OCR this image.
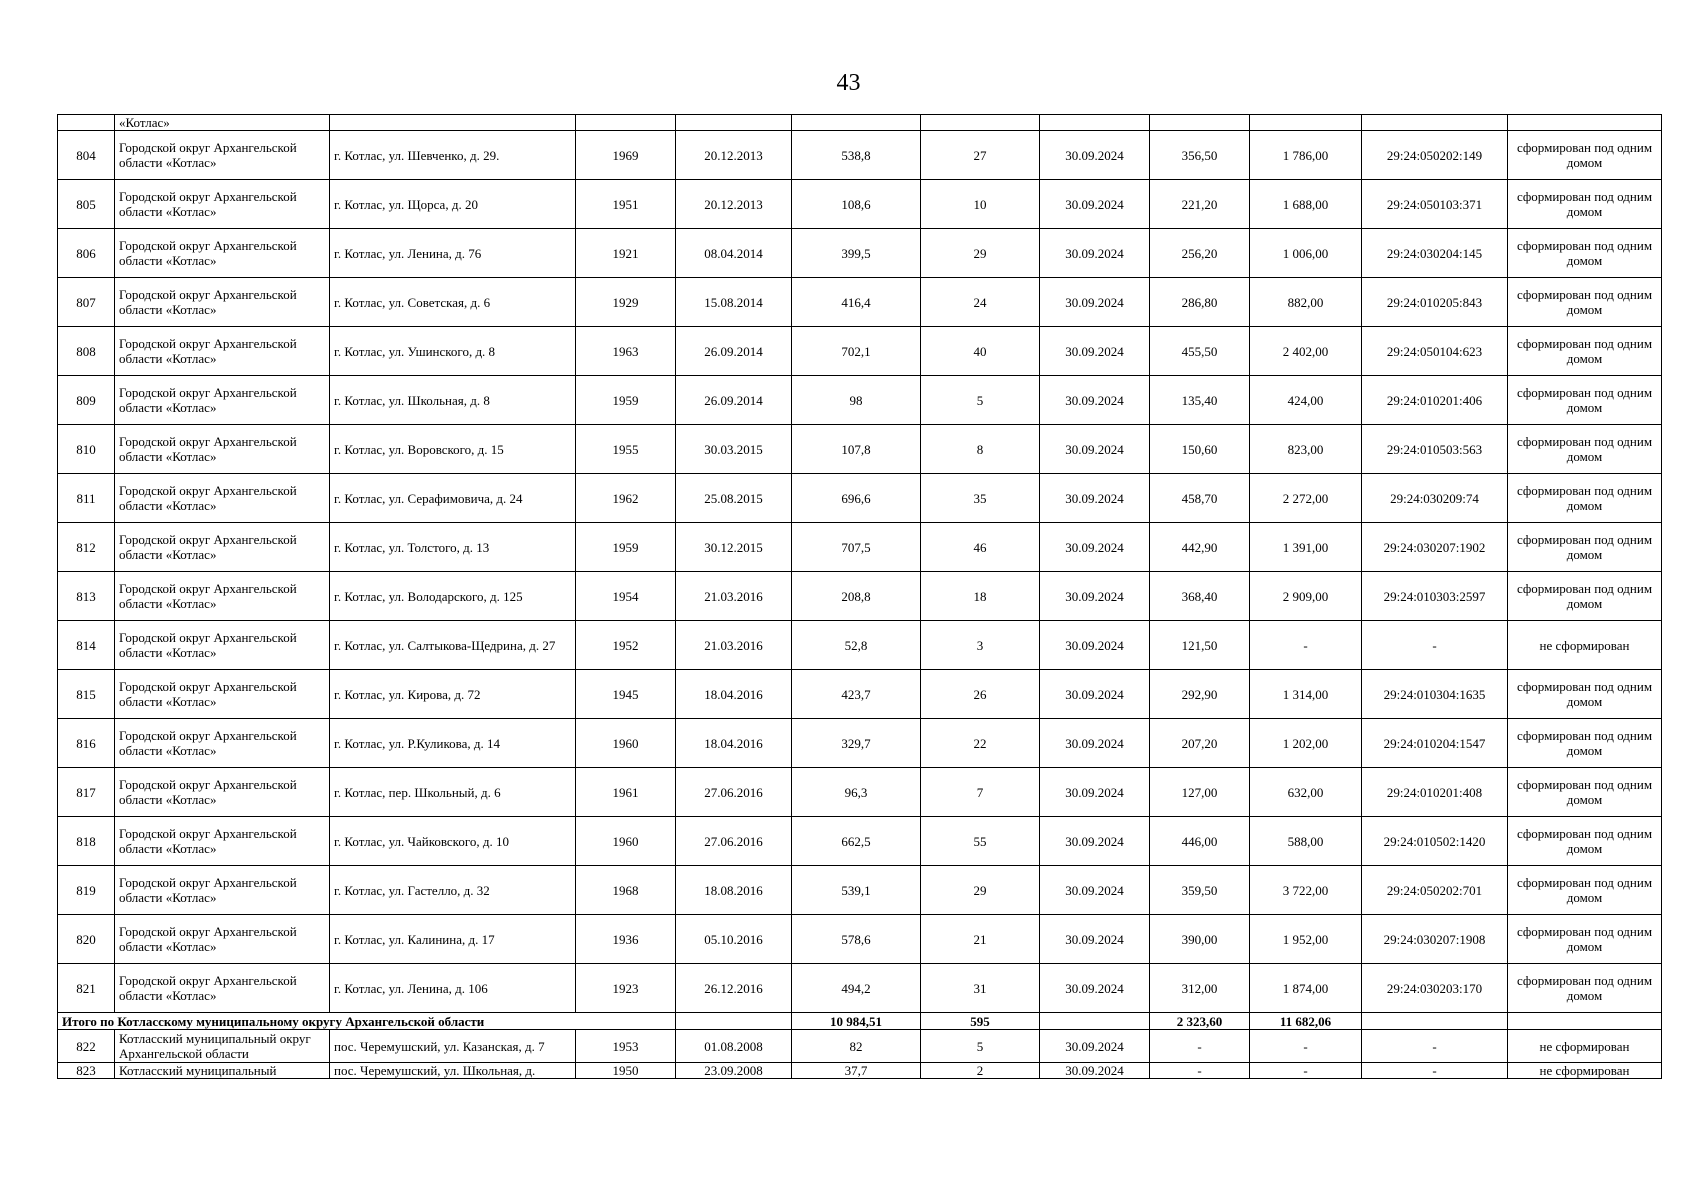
43
	«Котлас»										
804	Городской округ Архангельской области «Котлас»	г. Котлас, ул. Шевченко, д. 29.	1969	20.12.2013	538,8	27	30.09.2024	356,50	1 786,00	29:24:050202:149	сформирован под одним домом
805	Городской округ Архангельской области «Котлас»	г. Котлас, ул. Щорса, д. 20	1951	20.12.2013	108,6	10	30.09.2024	221,20	1 688,00	29:24:050103:371	сформирован под одним домом
806	Городской округ Архангельской области «Котлас»	г. Котлас, ул. Ленина, д. 76	1921	08.04.2014	399,5	29	30.09.2024	256,20	1 006,00	29:24:030204:145	сформирован под одним домом
807	Городской округ Архангельской области «Котлас»	г. Котлас, ул. Советская, д. 6	1929	15.08.2014	416,4	24	30.09.2024	286,80	882,00	29:24:010205:843	сформирован под одним домом
808	Городской округ Архангельской области «Котлас»	г. Котлас, ул. Ушинского, д. 8	1963	26.09.2014	702,1	40	30.09.2024	455,50	2 402,00	29:24:050104:623	сформирован под одним домом
809	Городской округ Архангельской области «Котлас»	г. Котлас, ул. Школьная, д. 8	1959	26.09.2014	98	5	30.09.2024	135,40	424,00	29:24:010201:406	сформирован под одним домом
810	Городской округ Архангельской области «Котлас»	г. Котлас, ул. Воровского, д. 15	1955	30.03.2015	107,8	8	30.09.2024	150,60	823,00	29:24:010503:563	сформирован под одним домом
811	Городской округ Архангельской области «Котлас»	г. Котлас, ул. Серафимовича, д. 24	1962	25.08.2015	696,6	35	30.09.2024	458,70	2 272,00	29:24:030209:74	сформирован под одним домом
812	Городской округ Архангельской области «Котлас»	г. Котлас, ул. Толстого, д. 13	1959	30.12.2015	707,5	46	30.09.2024	442,90	1 391,00	29:24:030207:1902	сформирован под одним домом
813	Городской округ Архангельской области «Котлас»	г. Котлас, ул. Володарского, д. 125	1954	21.03.2016	208,8	18	30.09.2024	368,40	2 909,00	29:24:010303:2597	сформирован под одним домом
814	Городской округ Архангельской области «Котлас»	г. Котлас, ул. Салтыкова-Щедрина, д. 27	1952	21.03.2016	52,8	3	30.09.2024	121,50	-	-	не сформирован
815	Городской округ Архангельской области «Котлас»	г. Котлас, ул. Кирова, д. 72	1945	18.04.2016	423,7	26	30.09.2024	292,90	1 314,00	29:24:010304:1635	сформирован под одним домом
816	Городской округ Архангельской области «Котлас»	г. Котлас, ул. Р.Куликова, д. 14	1960	18.04.2016	329,7	22	30.09.2024	207,20	1 202,00	29:24:010204:1547	сформирован под одним домом
817	Городской округ Архангельской области «Котлас»	г. Котлас, пер. Школьный, д. 6	1961	27.06.2016	96,3	7	30.09.2024	127,00	632,00	29:24:010201:408	сформирован под одним домом
818	Городской округ Архангельской области «Котлас»	г. Котлас, ул. Чайковского, д. 10	1960	27.06.2016	662,5	55	30.09.2024	446,00	588,00	29:24:010502:1420	сформирован под одним домом
819	Городской округ Архангельской области «Котлас»	г. Котлас, ул. Гастелло, д. 32	1968	18.08.2016	539,1	29	30.09.2024	359,50	3 722,00	29:24:050202:701	сформирован под одним домом
820	Городской округ Архангельской области «Котлас»	г. Котлас, ул. Калинина, д. 17	1936	05.10.2016	578,6	21	30.09.2024	390,00	1 952,00	29:24:030207:1908	сформирован под одним домом
821	Городской округ Архангельской области «Котлас»	г. Котлас, ул. Ленина, д. 106	1923	26.12.2016	494,2	31	30.09.2024	312,00	1 874,00	29:24:030203:170	сформирован под одним домом
Итого по Котласскому муниципальному округу Архангельской области					10 984,51	595		2 323,60	11 682,06		
822	Котласский муниципальный округ Архангельской области	пос. Черемушский, ул. Казанская, д. 7	1953	01.08.2008	82	5	30.09.2024	-	-	-	не сформирован

823	Котласский муниципальный	пос. Черемушский, ул. Школьная, д.	1950	23.09.2008	37,7	2	30.09.2024	-	-	-	не сформирован
